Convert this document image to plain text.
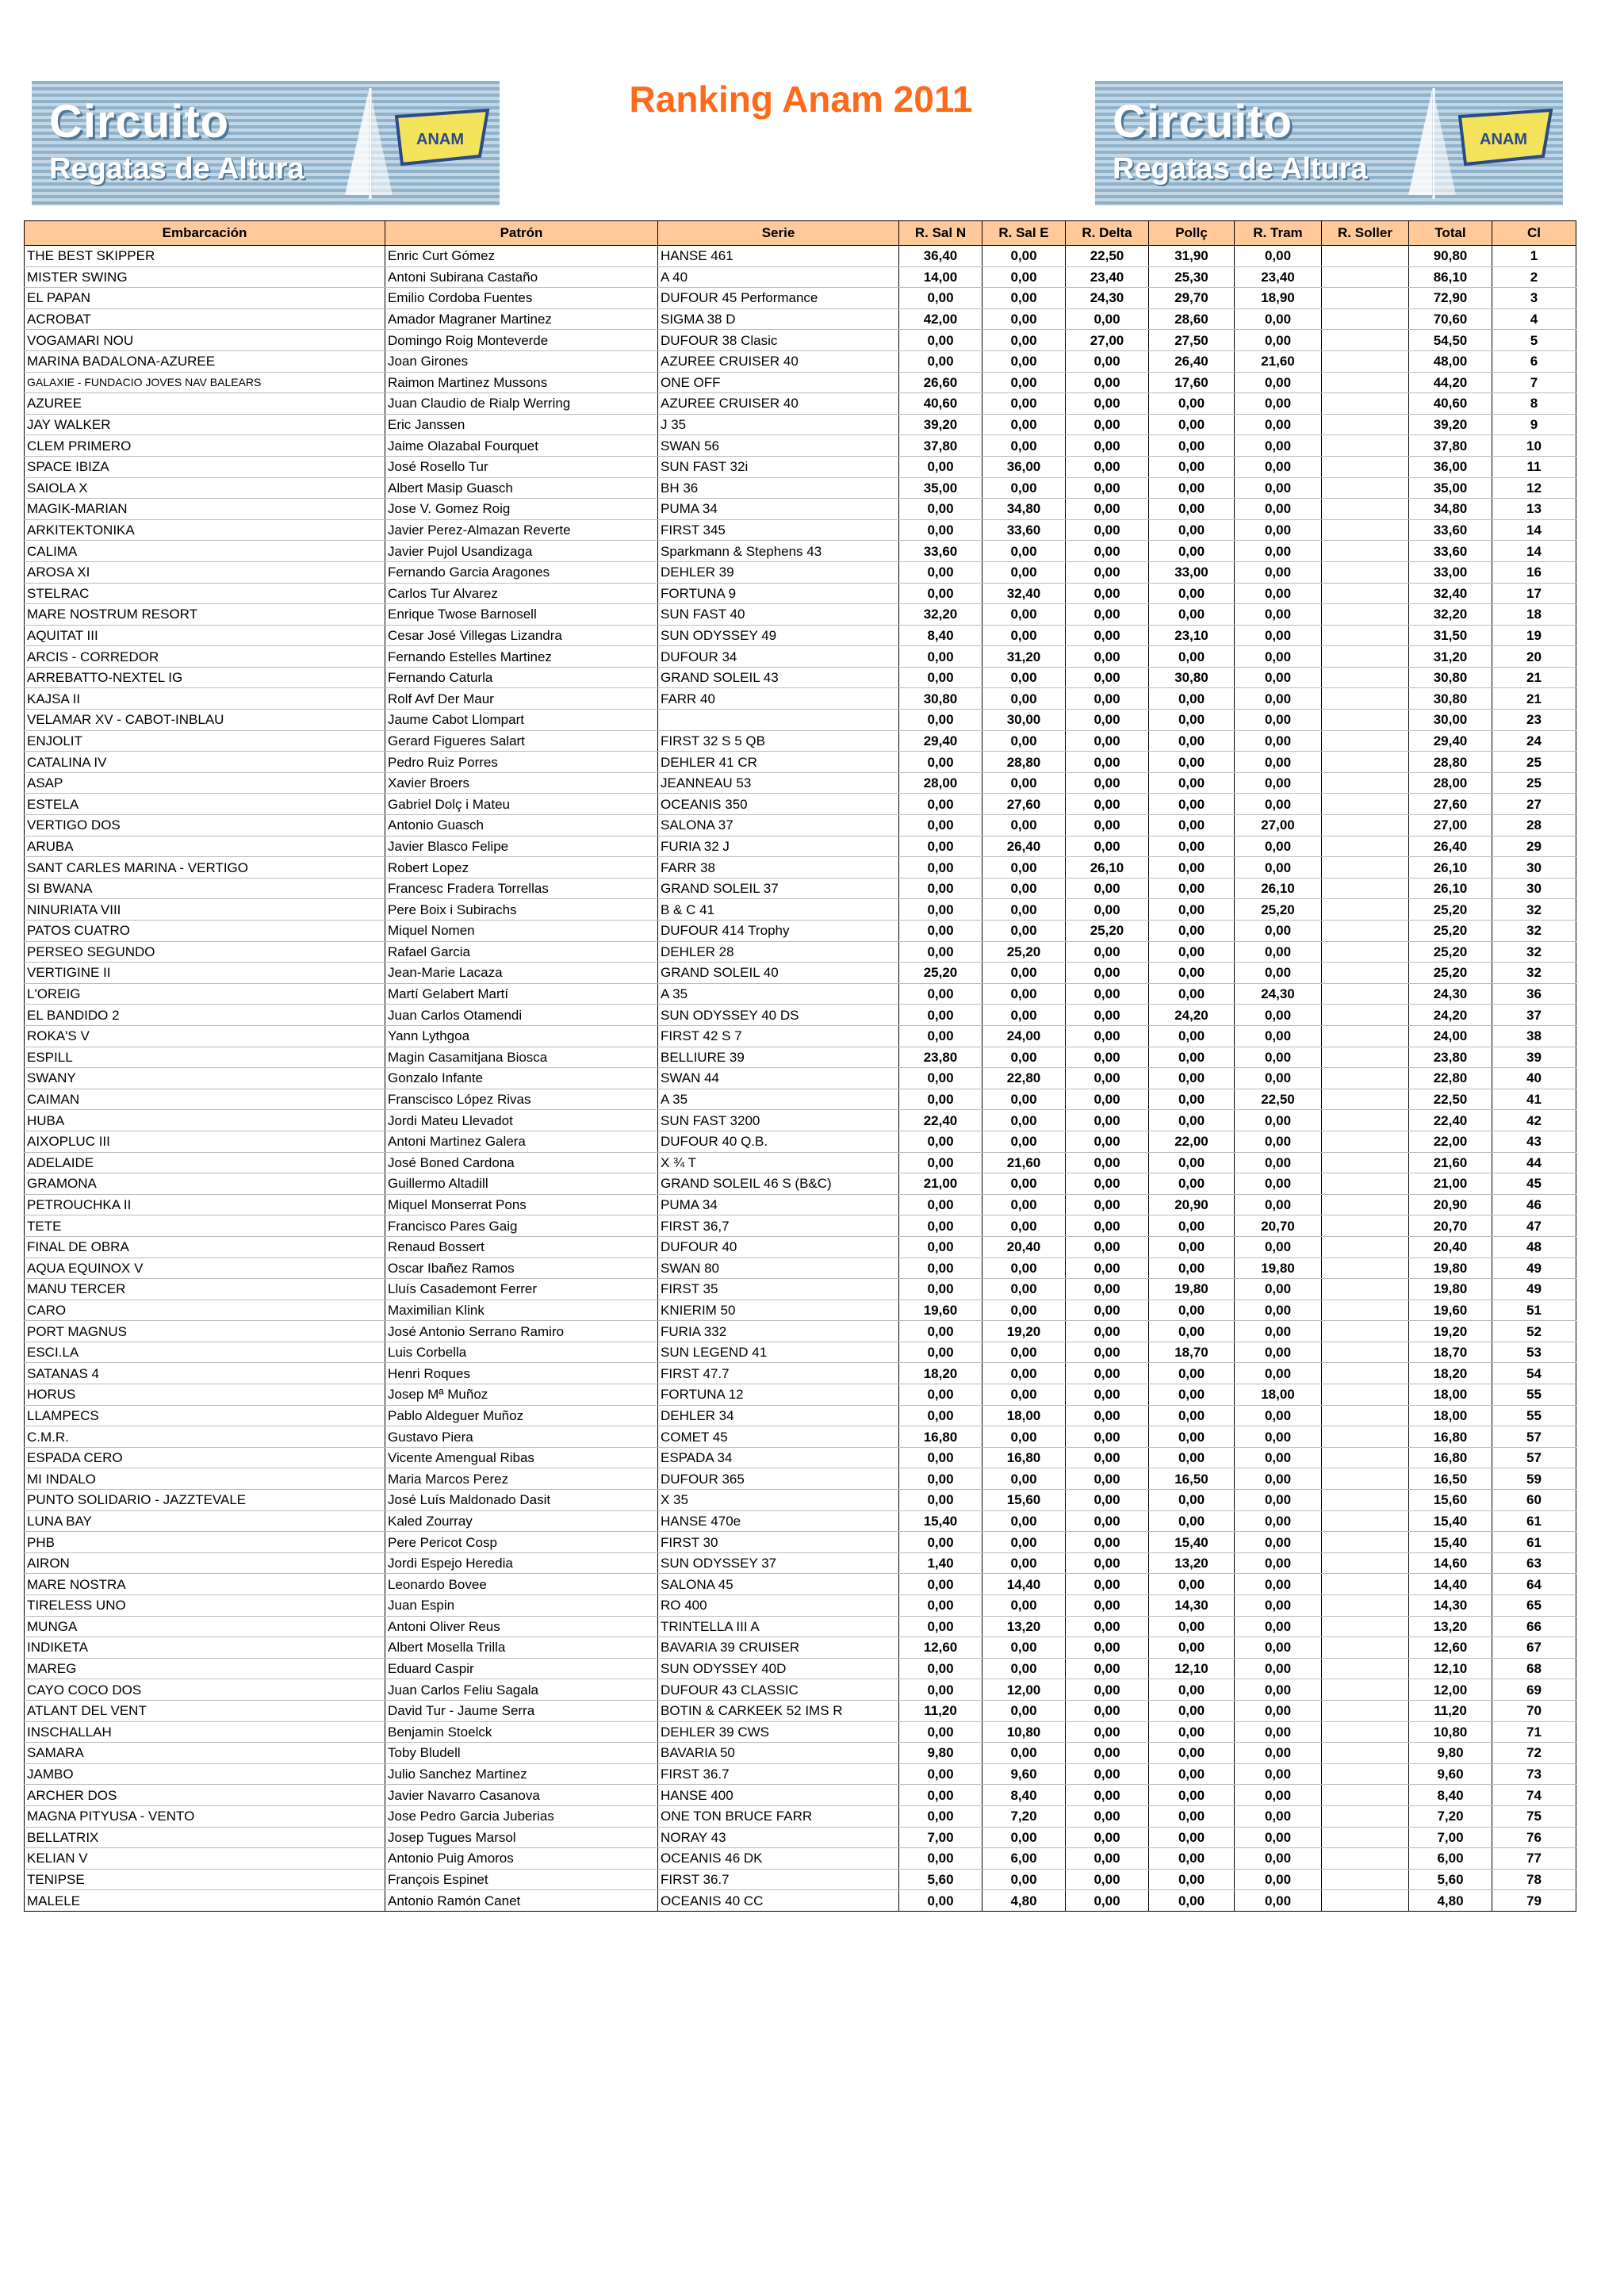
Circuito
Regatas de Altura
ANAM
Ranking Anam 2011	Circuito
Regatas de Altura
ANAM
Embarcación	Patrón	Serie	R. Sal N	R. Sal E	R. Delta	Pollç	R. Tram	R. Soller	Total	Cl
THE BEST SKIPPER	Enric Curt Gómez	HANSE 461	36,40	0,00	22,50	31,90	0,00		90,80	1
MISTER SWING	Antoni Subirana Castaño	A 40	14,00	0,00	23,40	25,30	23,40		86,10	2
EL PAPAN	Emilio Cordoba Fuentes	DUFOUR 45 Performance	0,00	0,00	24,30	29,70	18,90		72,90	3
ACROBAT	Amador Magraner Martinez	SIGMA 38 D	42,00	0,00	0,00	28,60	0,00		70,60	4
VOGAMARI NOU	Domingo Roig Monteverde	DUFOUR 38 Clasic	0,00	0,00	27,00	27,50	0,00		54,50	5
MARINA BADALONA-AZUREE	Joan Girones	AZUREE CRUISER 40	0,00	0,00	0,00	26,40	21,60		48,00	6
GALAXIE - FUNDACIO JOVES NAV BALEARS	Raimon Martinez Mussons	ONE OFF	26,60	0,00	0,00	17,60	0,00		44,20	7
AZUREE	Juan Claudio de Rialp Werring	AZUREE CRUISER 40	40,60	0,00	0,00	0,00	0,00		40,60	8
JAY WALKER	Eric Janssen	J 35	39,20	0,00	0,00	0,00	0,00		39,20	9
CLEM PRIMERO	Jaime Olazabal Fourquet	SWAN 56	37,80	0,00	0,00	0,00	0,00		37,80	10
SPACE IBIZA	José Rosello Tur	SUN FAST 32i	0,00	36,00	0,00	0,00	0,00		36,00	11
SAIOLA X	Albert Masip Guasch	BH 36	35,00	0,00	0,00	0,00	0,00		35,00	12
MAGIK-MARIAN	Jose V. Gomez Roig	PUMA 34	0,00	34,80	0,00	0,00	0,00		34,80	13
ARKITEKTONIKA	Javier Perez-Almazan Reverte	FIRST 345	0,00	33,60	0,00	0,00	0,00		33,60	14
CALIMA	Javier Pujol Usandizaga	Sparkmann & Stephens 43	33,60	0,00	0,00	0,00	0,00		33,60	14
AROSA XI	Fernando Garcia Aragones	DEHLER 39	0,00	0,00	0,00	33,00	0,00		33,00	16
STELRAC	Carlos Tur Alvarez	FORTUNA 9	0,00	32,40	0,00	0,00	0,00		32,40	17
MARE NOSTRUM RESORT	Enrique Twose Barnosell	SUN FAST 40	32,20	0,00	0,00	0,00	0,00		32,20	18
AQUITAT III	Cesar José Villegas Lizandra	SUN ODYSSEY 49	8,40	0,00	0,00	23,10	0,00		31,50	19
ARCIS - CORREDOR	Fernando Estelles Martinez	DUFOUR 34	0,00	31,20	0,00	0,00	0,00		31,20	20
ARREBATTO-NEXTEL IG	Fernando Caturla	GRAND SOLEIL 43	0,00	0,00	0,00	30,80	0,00		30,80	21
KAJSA II	Rolf Avf Der Maur	FARR 40	30,80	0,00	0,00	0,00	0,00		30,80	21
VELAMAR XV - CABOT-INBLAU	Jaume Cabot Llompart		0,00	30,00	0,00	0,00	0,00		30,00	23
ENJOLIT	Gerard Figueres Salart	FIRST 32 S 5 QB	29,40	0,00	0,00	0,00	0,00		29,40	24
CATALINA IV	Pedro Ruiz Porres	DEHLER 41 CR	0,00	28,80	0,00	0,00	0,00		28,80	25
ASAP	Xavier Broers	JEANNEAU 53	28,00	0,00	0,00	0,00	0,00		28,00	25
ESTELA	Gabriel Dolç i Mateu	OCEANIS 350	0,00	27,60	0,00	0,00	0,00		27,60	27
VERTIGO DOS	Antonio Guasch	SALONA 37	0,00	0,00	0,00	0,00	27,00		27,00	28
ARUBA	Javier Blasco Felipe	FURIA 32 J	0,00	26,40	0,00	0,00	0,00		26,40	29
SANT CARLES MARINA - VERTIGO	Robert Lopez	FARR 38	0,00	0,00	26,10	0,00	0,00		26,10	30
SI BWANA	Francesc Fradera Torrellas	GRAND SOLEIL 37	0,00	0,00	0,00	0,00	26,10		26,10	30
NINURIATA VIII	Pere Boix i Subirachs	B & C 41	0,00	0,00	0,00	0,00	25,20		25,20	32
PATOS CUATRO	Miquel Nomen	DUFOUR 414 Trophy	0,00	0,00	25,20	0,00	0,00		25,20	32
PERSEO SEGUNDO	Rafael Garcia	DEHLER 28	0,00	25,20	0,00	0,00	0,00		25,20	32
VERTIGINE II	Jean-Marie Lacaza	GRAND SOLEIL 40	25,20	0,00	0,00	0,00	0,00		25,20	32
L'OREIG	Martí Gelabert Martí	A 35	0,00	0,00	0,00	0,00	24,30		24,30	36
EL BANDIDO 2	Juan Carlos Otamendi	SUN ODYSSEY 40 DS	0,00	0,00	0,00	24,20	0,00		24,20	37
ROKA'S V	Yann Lythgoa	FIRST 42 S 7	0,00	24,00	0,00	0,00	0,00		24,00	38
ESPILL	Magin Casamitjana Biosca	BELLIURE 39	23,80	0,00	0,00	0,00	0,00		23,80	39
SWANY	Gonzalo Infante	SWAN 44	0,00	22,80	0,00	0,00	0,00		22,80	40
CAIMAN	Franscisco López Rivas	A 35	0,00	0,00	0,00	0,00	22,50		22,50	41
HUBA	Jordi Mateu Llevadot	SUN FAST 3200	22,40	0,00	0,00	0,00	0,00		22,40	42
AIXOPLUC III	Antoni Martinez Galera	DUFOUR 40 Q.B.	0,00	0,00	0,00	22,00	0,00		22,00	43
ADELAIDE	José Boned Cardona	X ¾ T	0,00	21,60	0,00	0,00	0,00		21,60	44
GRAMONA	Guillermo Altadill	GRAND SOLEIL 46 S (B&C)	21,00	0,00	0,00	0,00	0,00		21,00	45
PETROUCHKA II	Miquel Monserrat Pons	PUMA 34	0,00	0,00	0,00	20,90	0,00		20,90	46
TETE	Francisco Pares Gaig	FIRST 36,7	0,00	0,00	0,00	0,00	20,70		20,70	47
FINAL DE OBRA	Renaud Bossert	DUFOUR 40	0,00	20,40	0,00	0,00	0,00		20,40	48
AQUA EQUINOX V	Oscar Ibañez Ramos	SWAN 80	0,00	0,00	0,00	0,00	19,80		19,80	49
MANU TERCER	Lluís Casademont Ferrer	FIRST 35	0,00	0,00	0,00	19,80	0,00		19,80	49
CARO	Maximilian Klink	KNIERIM 50	19,60	0,00	0,00	0,00	0,00		19,60	51
PORT MAGNUS	José Antonio Serrano Ramiro	FURIA 332	0,00	19,20	0,00	0,00	0,00		19,20	52
ESCI.LA	Luis Corbella	SUN LEGEND 41	0,00	0,00	0,00	18,70	0,00		18,70	53
SATANAS 4	Henri Roques	FIRST 47.7	18,20	0,00	0,00	0,00	0,00		18,20	54
HORUS	Josep Mª Muñoz	FORTUNA 12	0,00	0,00	0,00	0,00	18,00		18,00	55
LLAMPECS	Pablo Aldeguer Muñoz	DEHLER 34	0,00	18,00	0,00	0,00	0,00		18,00	55
C.M.R.	Gustavo Piera	COMET 45	16,80	0,00	0,00	0,00	0,00		16,80	57
ESPADA CERO	Vicente Amengual Ribas	ESPADA 34	0,00	16,80	0,00	0,00	0,00		16,80	57
MI INDALO	Maria Marcos Perez	DUFOUR 365	0,00	0,00	0,00	16,50	0,00		16,50	59
PUNTO SOLIDARIO - JAZZTEVALE	José Luís Maldonado Dasit	X 35	0,00	15,60	0,00	0,00	0,00		15,60	60
LUNA BAY	Kaled Zourray	HANSE 470e	15,40	0,00	0,00	0,00	0,00		15,40	61
PHB	Pere Pericot Cosp	FIRST 30	0,00	0,00	0,00	15,40	0,00		15,40	61
AIRON	Jordi Espejo Heredia	SUN ODYSSEY 37	1,40	0,00	0,00	13,20	0,00		14,60	63
MARE NOSTRA	Leonardo Bovee	SALONA 45	0,00	14,40	0,00	0,00	0,00		14,40	64
TIRELESS UNO	Juan Espin	RO 400	0,00	0,00	0,00	14,30	0,00		14,30	65
MUNGA	Antoni Oliver Reus	TRINTELLA III A	0,00	13,20	0,00	0,00	0,00		13,20	66
INDIKETA	Albert Mosella Trilla	BAVARIA 39 CRUISER	12,60	0,00	0,00	0,00	0,00		12,60	67
MAREG	Eduard Caspir	SUN ODYSSEY 40D	0,00	0,00	0,00	12,10	0,00		12,10	68
CAYO COCO DOS	Juan Carlos Feliu Sagala	DUFOUR 43 CLASSIC	0,00	12,00	0,00	0,00	0,00		12,00	69
ATLANT DEL VENT	David Tur - Jaume Serra	BOTIN & CARKEEK 52 IMS R	11,20	0,00	0,00	0,00	0,00		11,20	70
INSCHALLAH	Benjamin Stoelck	DEHLER 39 CWS	0,00	10,80	0,00	0,00	0,00		10,80	71
SAMARA	Toby Bludell	BAVARIA 50	9,80	0,00	0,00	0,00	0,00		9,80	72
JAMBO	Julio Sanchez Martinez	FIRST 36.7	0,00	9,60	0,00	0,00	0,00		9,60	73
ARCHER DOS	Javier Navarro Casanova	HANSE 400	0,00	8,40	0,00	0,00	0,00		8,40	74
MAGNA PITYUSA - VENTO	Jose Pedro Garcia Juberias	ONE TON BRUCE FARR	0,00	7,20	0,00	0,00	0,00		7,20	75
BELLATRIX	Josep Tugues Marsol	NORAY 43	7,00	0,00	0,00	0,00	0,00		7,00	76
KELIAN V	Antonio Puig Amoros	OCEANIS 46 DK	0,00	6,00	0,00	0,00	0,00		6,00	77
TENIPSE	François Espinet	FIRST 36.7	5,60	0,00	0,00	0,00	0,00		5,60	78
MALELE	Antonio Ramón Canet	OCEANIS 40 CC	0,00	4,80	0,00	0,00	0,00		4,80	79
